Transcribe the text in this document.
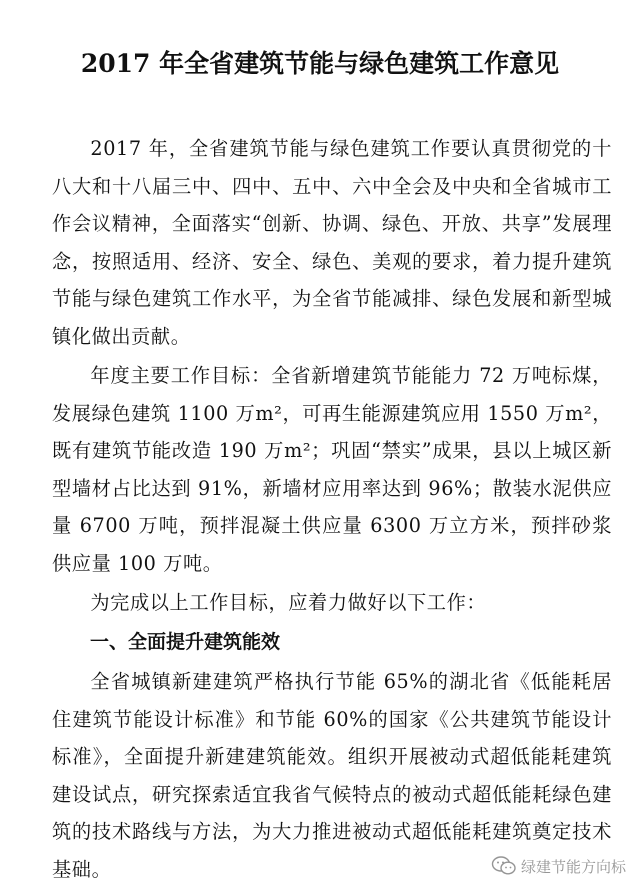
2017 年全省建筑节能与绿色建筑工作意见

2017 年，全省建筑节能与绿色建筑工作要认真贯彻党的十八大和十八届三中、四中、五中、六中全会及中央和全省城市工作会议精神，全面落实“创新、协调、绿色、开放、共享”发展理念，按照适用、经济、安全、绿色、美观的要求，着力提升建筑节能与绿色建筑工作水平，为全省节能减排、绿色发展和新型城镇化做出贡献。

年度主要工作目标：全省新增建筑节能能力 72 万吨标煤，发展绿色建筑 1100 万m²，可再生能源建筑应用 1550 万m²，既有建筑节能改造 190 万m²；巩固“禁实”成果，县以上城区新型墙材占比达到 91%，新墙材应用率达到 96%；散装水泥供应量 6700 万吨，预拌混凝土供应量 6300 万立方米，预拌砂浆供应量 100 万吨。

为完成以上工作目标，应着力做好以下工作：

一、全面提升建筑能效

全省城镇新建建筑严格执行节能 65%的湖北省《低能耗居住建筑节能设计标准》和节能 60%的国家《公共建筑节能设计标准》，全面提升新建建筑能效。组织开展被动式超低能耗建筑建设试点，研究探索适宜我省气候特点的被动式超低能耗绿色建筑的技术路线与方法，为大力推进被动式超低能耗建筑奠定技术基础。	绿建节能方向标
